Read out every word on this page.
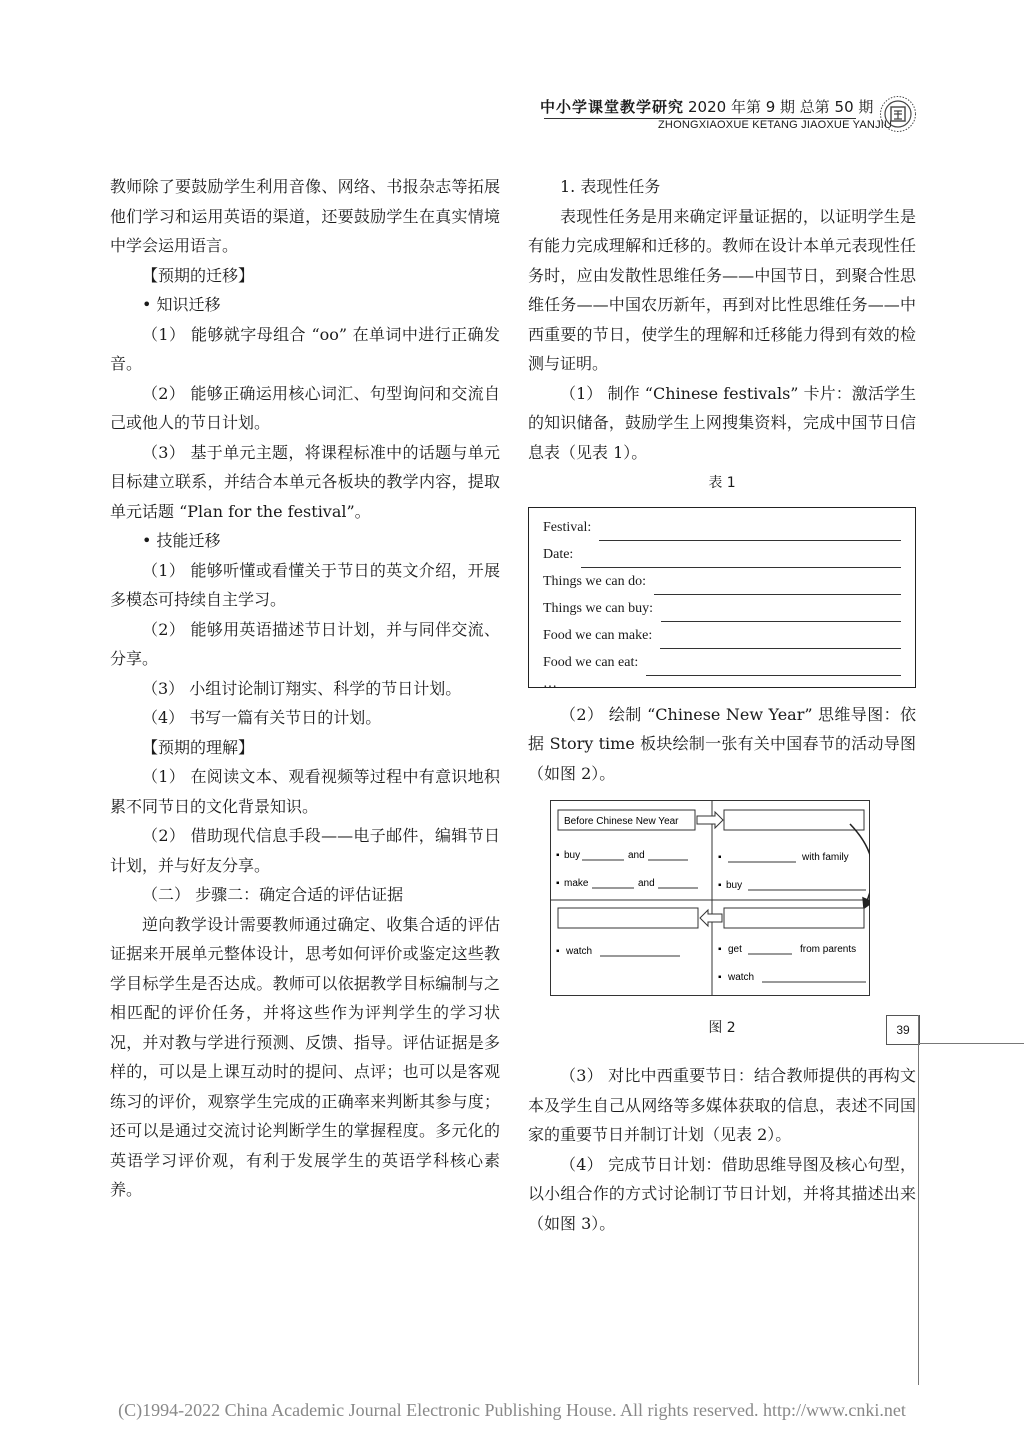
中小学课堂教学研究 2020 年第 9 期 总第 50 期
ZHONGXIAOXUE KETANG JIAOXUE YANJIU

教师除了要鼓励学生利用音像、网络、书报杂志等拓展他们学习和运用英语的渠道，还要鼓励学生在真实情境中学会运用语言。

【预期的迁移】

• 知识迁移

（1） 能够就字母组合 “oo” 在单词中进行正确发音。

（2） 能够正确运用核心词汇、句型询问和交流自己或他人的节日计划。

（3） 基于单元主题，将课程标准中的话题与单元目标建立联系，并结合本单元各板块的教学内容，提取单元话题 “Plan for the festival”。

• 技能迁移

（1） 能够听懂或看懂关于节日的英文介绍，开展多模态可持续自主学习。

（2） 能够用英语描述节日计划，并与同伴交流、分享。

（3） 小组讨论制订翔实、科学的节日计划。

（4） 书写一篇有关节日的计划。

【预期的理解】

（1） 在阅读文本、观看视频等过程中有意识地积累不同节日的文化背景知识。

（2） 借助现代信息手段——电子邮件，编辑节日计划，并与好友分享。

（二） 步骤二：确定合适的评估证据

逆向教学设计需要教师通过确定、收集合适的评估证据来开展单元整体设计，思考如何评价或鉴定这些教学目标学生是否达成。教师可以依据教学目标编制与之相匹配的评价任务，并将这些作为评判学生的学习状况，并对教与学进行预测、反馈、指导。评估证据是多样的，可以是上课互动时的提问、点评；也可以是客观练习的评价，观察学生完成的正确率来判断其参与度；还可以是通过交流讨论判断学生的掌握程度。多元化的英语学习评价观，有利于发展学生的英语学科核心素养。

1. 表现性任务

表现性任务是用来确定评量证据的，以证明学生是有能力完成理解和迁移的。教师在设计本单元表现性任务时，应由发散性思维任务——中国节日，到聚合性思维任务——中国农历新年，再到对比性思维任务——中西重要的节日，使学生的理解和迁移能力得到有效的检测与证明。

（1） 制作 “Chinese festivals” 卡片：激活学生的知识储备，鼓励学生上网搜集资料，完成中国节日信息表（见表 1）。

表 1

Festival:
Date:
Things we can do:
Things we can buy:
Food we can make:
Food we can eat:
…

（2） 绘制 “Chinese New Year” 思维导图：依据 Story time 板块绘制一张有关中国春节的活动导图（如图 2）。

Before Chinese New Year
▪ buy	and
▪ make	and
▪	with family
▪ buy
▪ watch	▪ get	from parents
▪ watch

图 2

（3） 对比中西重要节日：结合教师提供的再构文本及学生自己从网络等多媒体获取的信息，表述不同国家的重要节日并制订计划（见表 2）。

（4） 完成节日计划：借助思维导图及核心句型，以小组合作的方式讨论制订节日计划，并将其描述出来（如图 3）。

39
(C)1994-2022 China Academic Journal Electronic Publishing House. All rights reserved. http://www.cnki.net
